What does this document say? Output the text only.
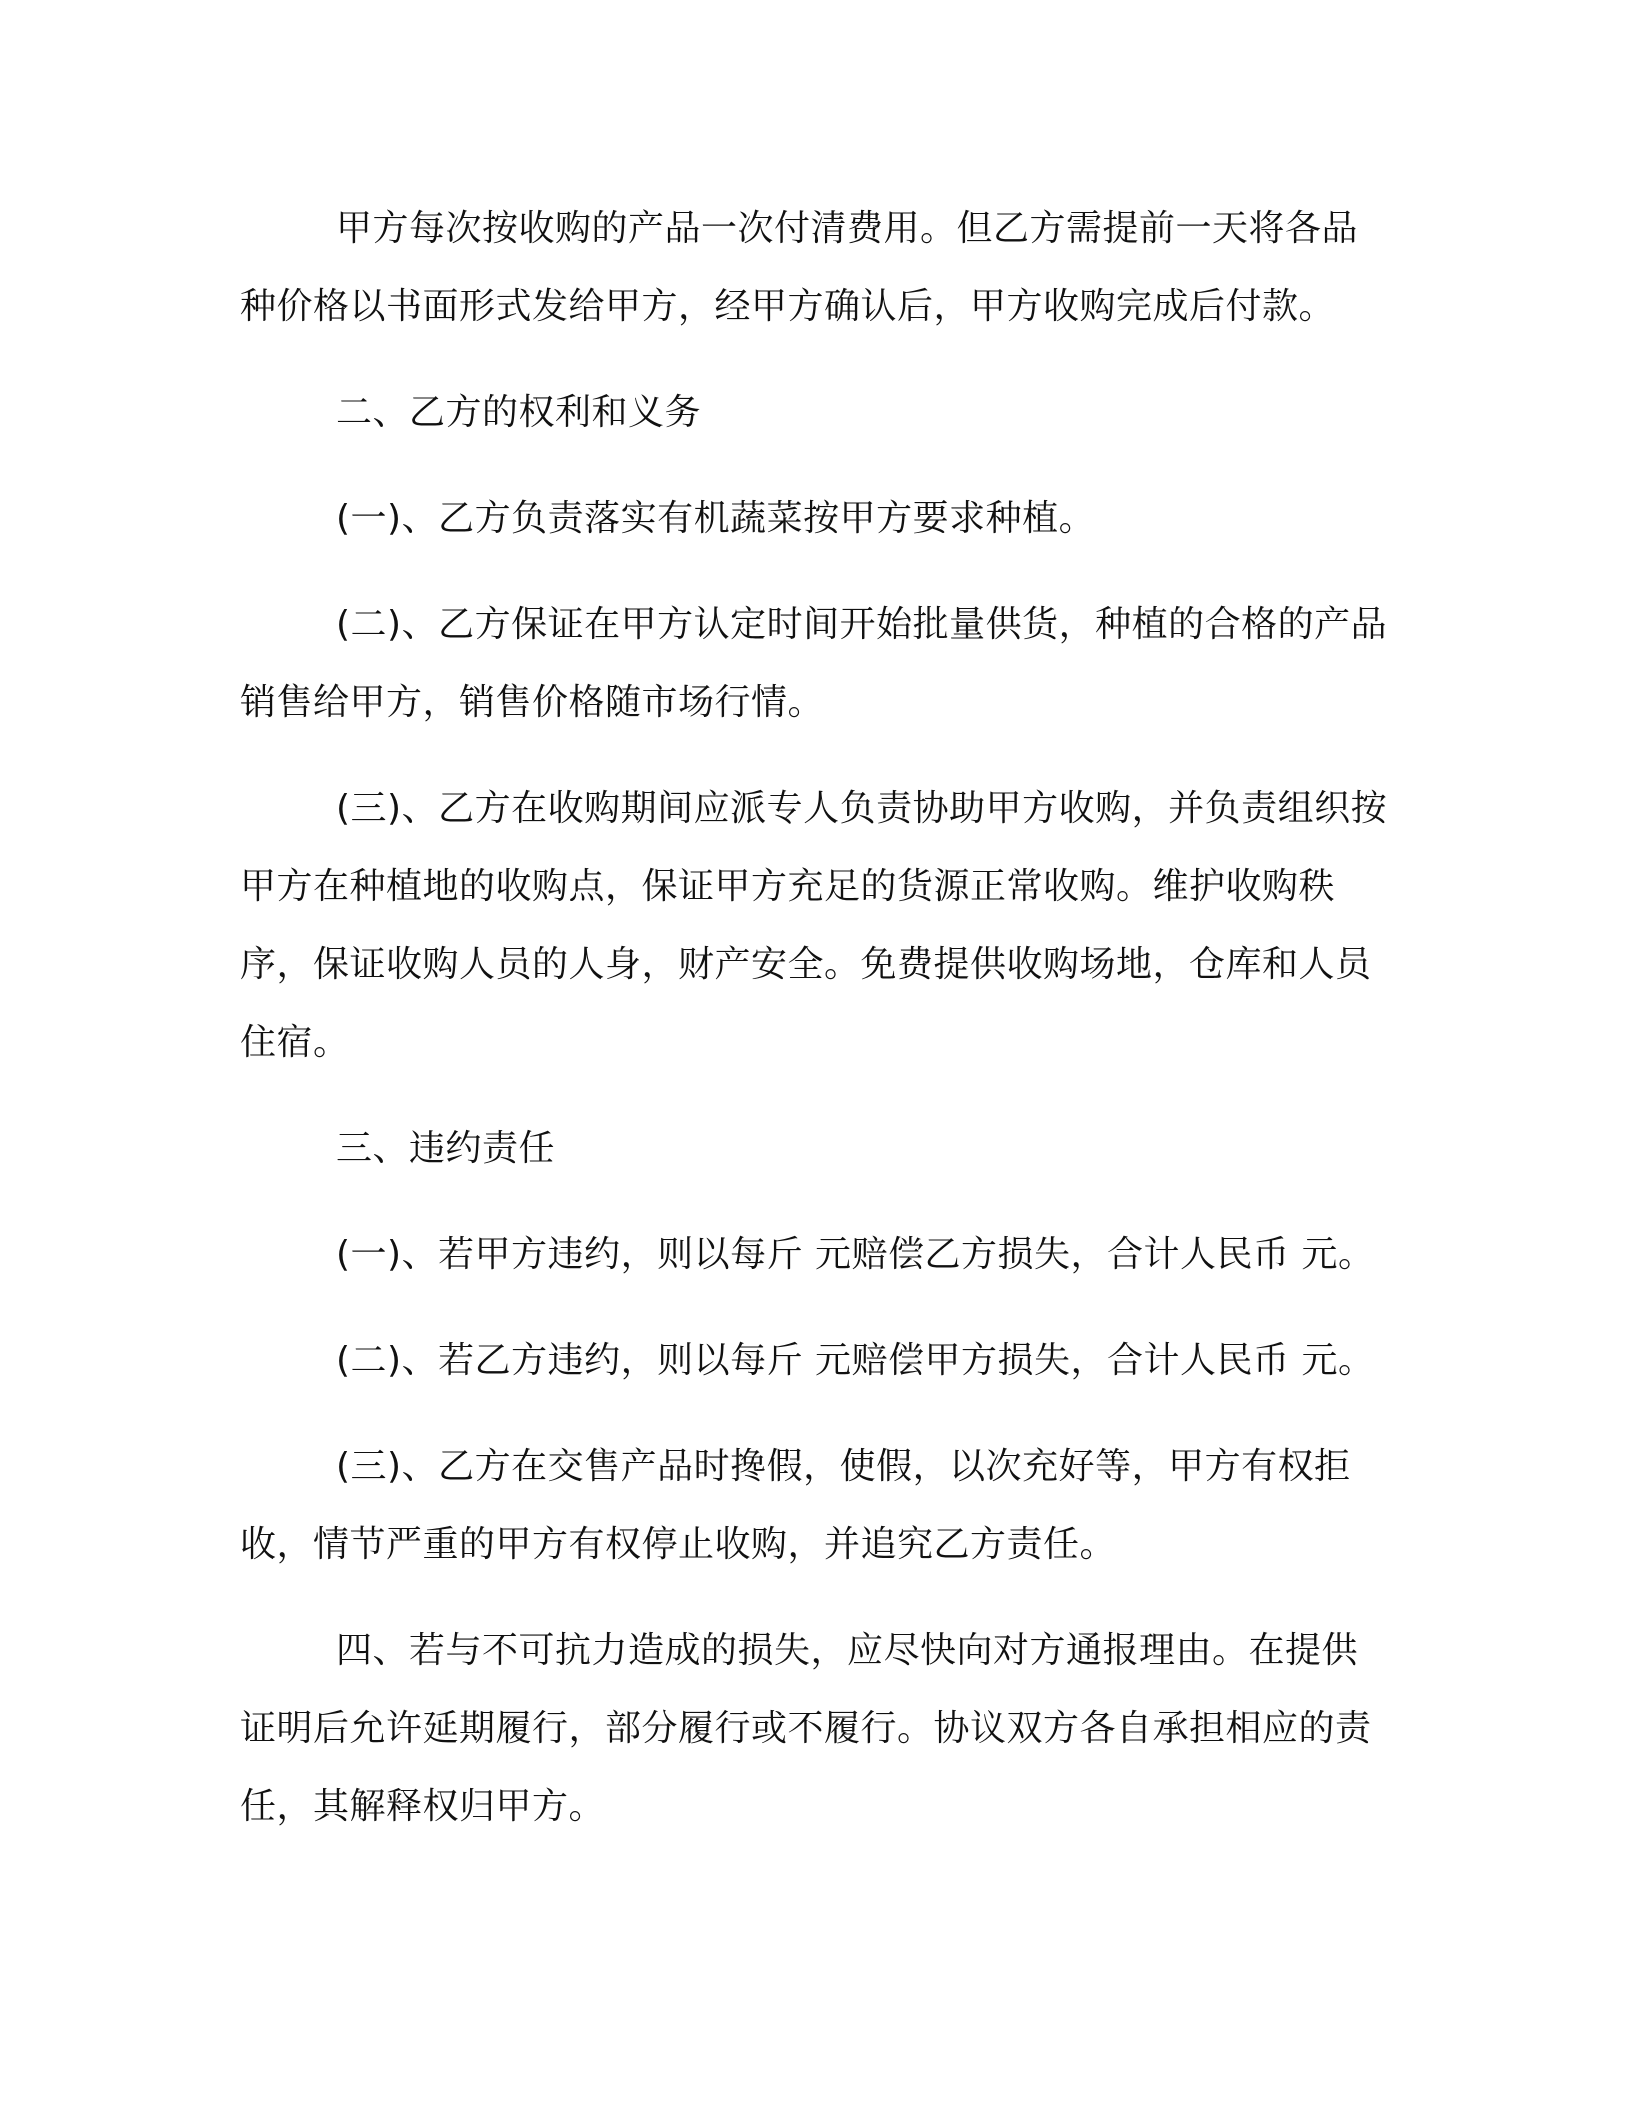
甲方每次按收购的产品一次付清费用。但乙方需提前一天将各品种价格以书面形式发给甲方，经甲方确认后，甲方收购完成后付款。

二、乙方的权利和义务

(一)、乙方负责落实有机蔬菜按甲方要求种植。

(二)、乙方保证在甲方认定时间开始批量供货，种植的合格的产品销售给甲方，销售价格随市场行情。

(三)、乙方在收购期间应派专人负责协助甲方收购，并负责组织按甲方在种植地的收购点，保证甲方充足的货源正常收购。维护收购秩序，保证收购人员的人身，财产安全。免费提供收购场地，仓库和人员住宿。

三、违约责任

(一)、若甲方违约，则以每斤 元赔偿乙方损失，合计人民币 元。

(二)、若乙方违约，则以每斤 元赔偿甲方损失，合计人民币 元。

(三)、乙方在交售产品时搀假，使假，以次充好等，甲方有权拒收，情节严重的甲方有权停止收购，并追究乙方责任。

四、若与不可抗力造成的损失，应尽快向对方通报理由。在提供证明后允许延期履行，部分履行或不履行。协议双方各自承担相应的责任，其解释权归甲方。
